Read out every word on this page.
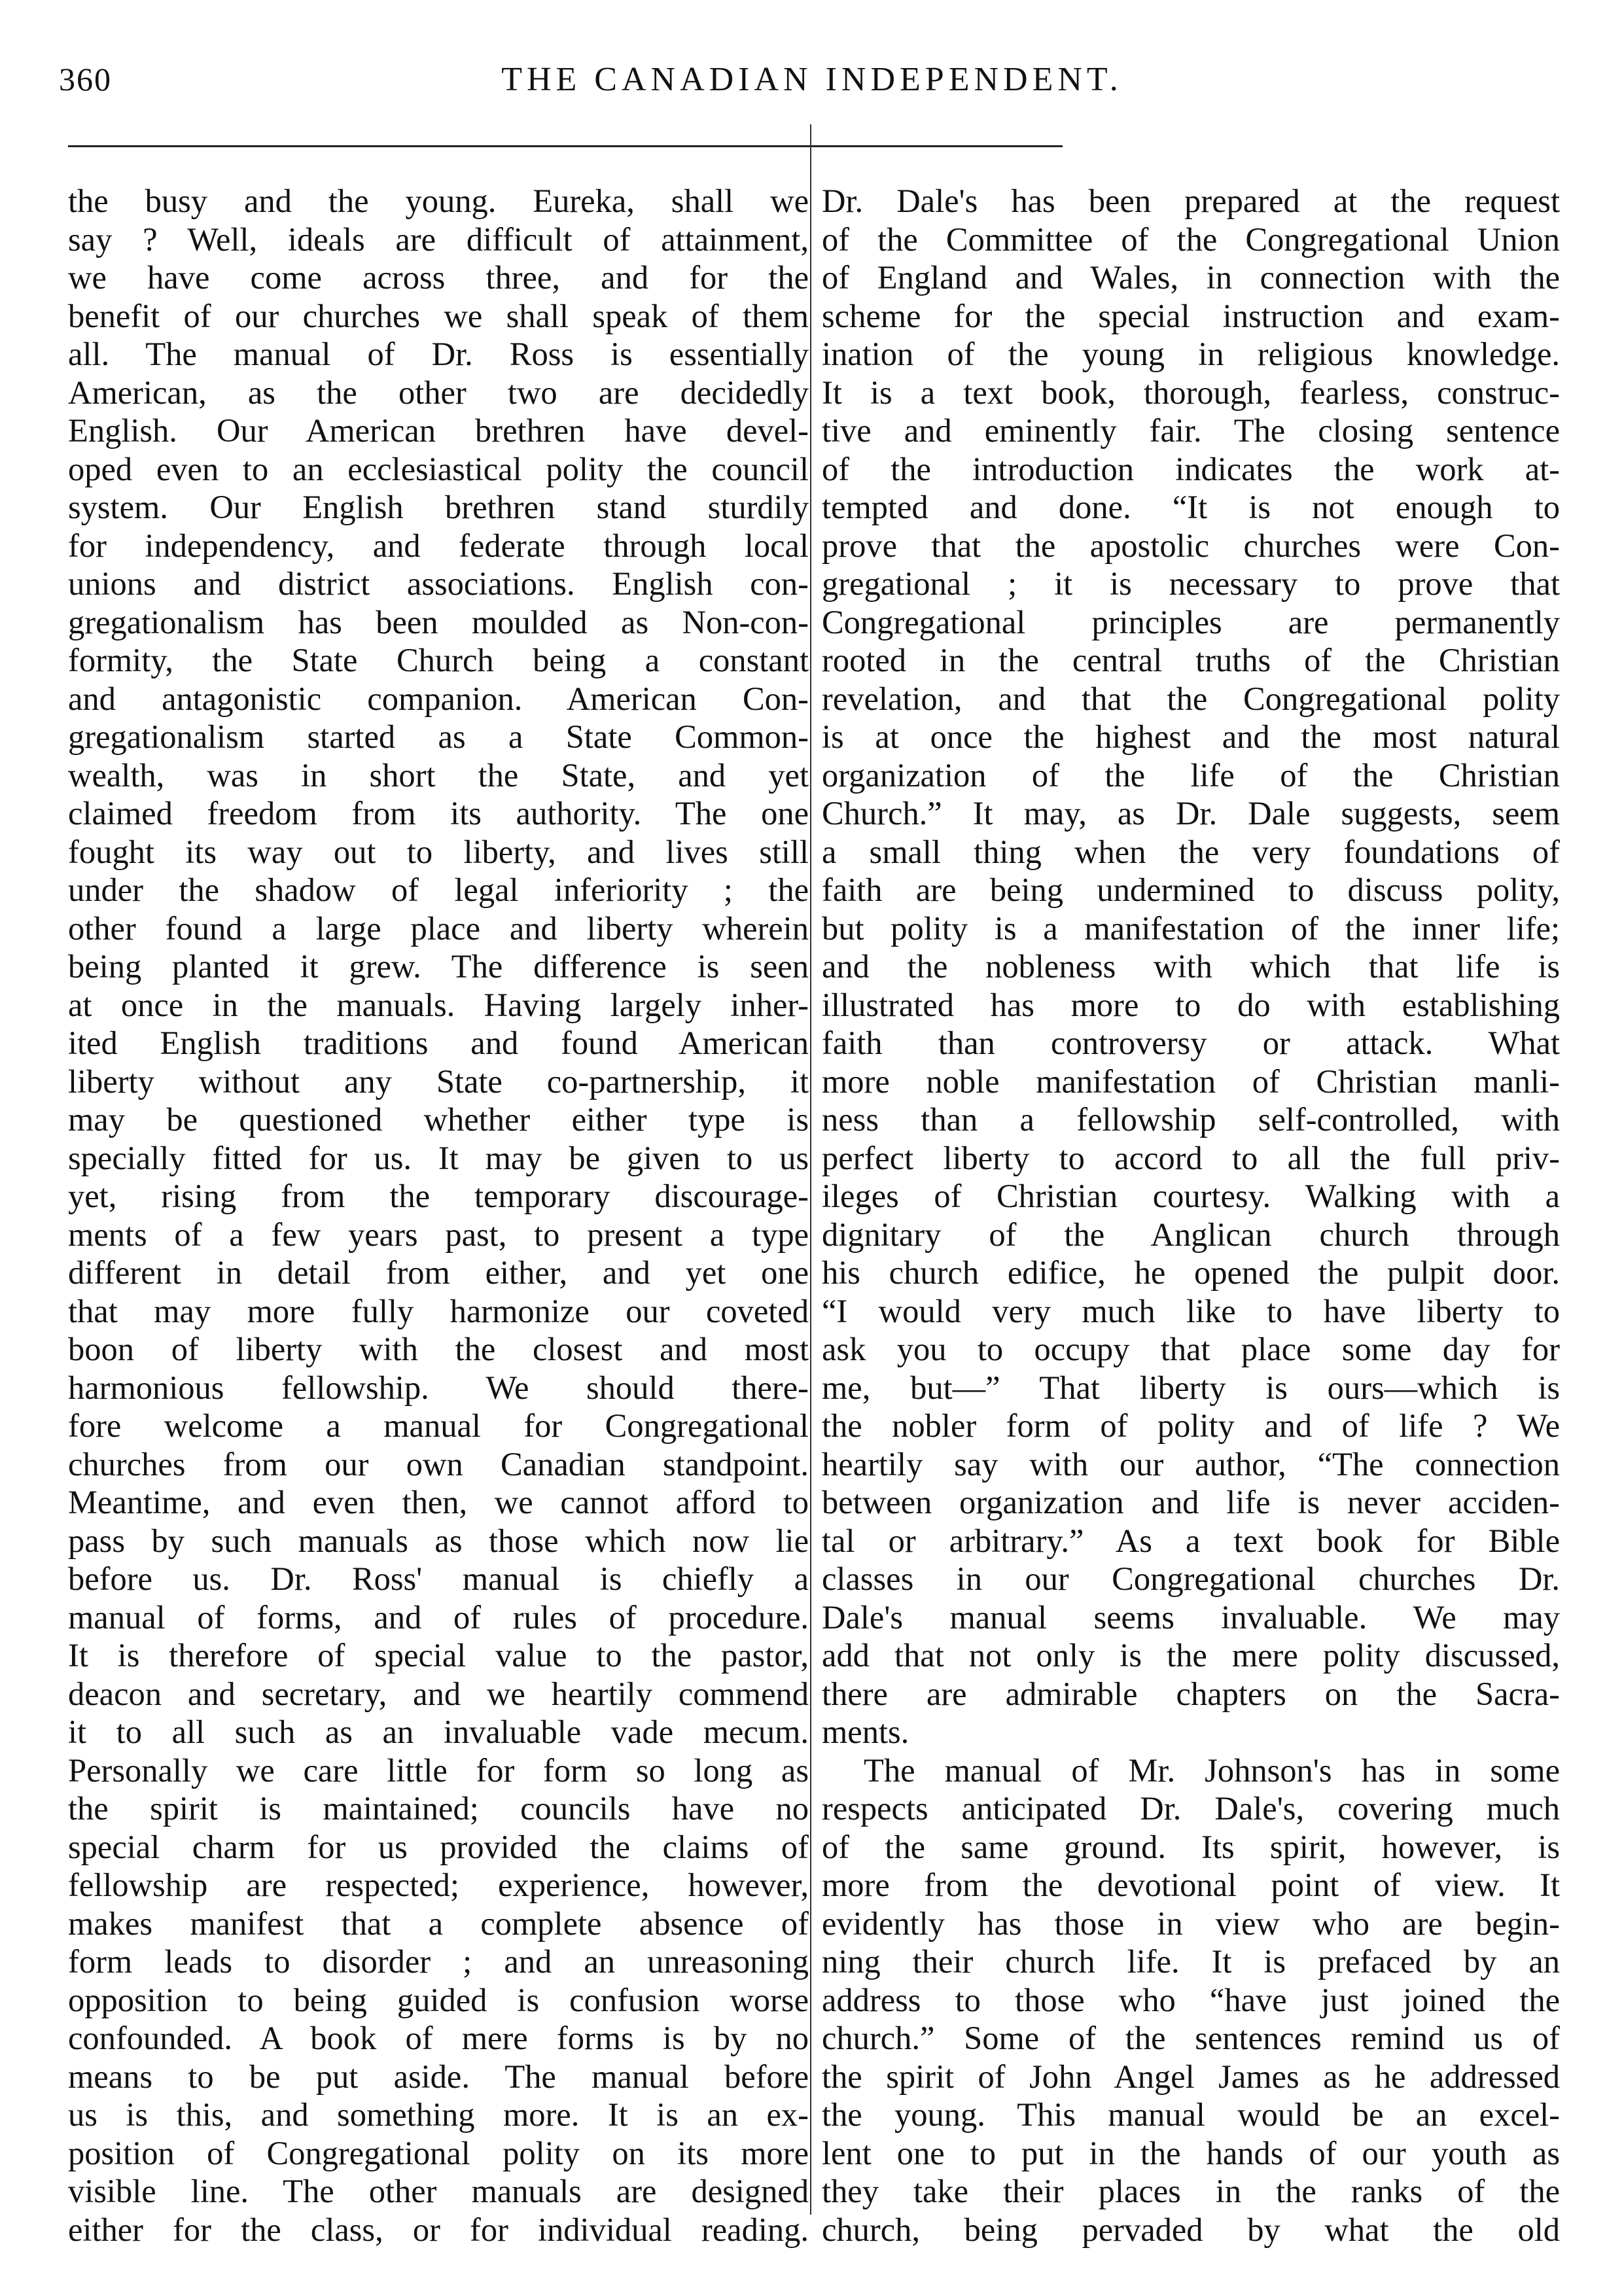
360	THE CANADIAN INDEPENDENT.
the busy and the young. Eureka, shall we
say ? Well, ideals are difficult of attainment,
we have come across three, and for the
benefit of our churches we shall speak of them
all. The manual of Dr. Ross is essentially
American, as the other two are decidedly
English. Our American brethren have devel-
oped even to an ecclesiastical polity the council
system. Our English brethren stand sturdily
for independency, and federate through local
unions and district associations. English con-
gregationalism has been moulded as Non-con-
formity, the State Church being a constant
and antagonistic companion. American Con-
gregationalism started as a State Common-
wealth, was in short the State, and yet
claimed freedom from its authority. The one
fought its way out to liberty, and lives still
under the shadow of legal inferiority ; the
other found a large place and liberty wherein
being planted it grew. The difference is seen
at once in the manuals. Having largely inher-
ited English traditions and found American
liberty without any State co-partnership, it
may be questioned whether either type is
specially fitted for us. It may be given to us
yet, rising from the temporary discourage-
ments of a few years past, to present a type
different in detail from either, and yet one
that may more fully harmonize our coveted
boon of liberty with the closest and most
harmonious fellowship. We should there-
fore welcome a manual for Congregational
churches from our own Canadian standpoint.
Meantime, and even then, we cannot afford to
pass by such manuals as those which now lie
before us. Dr. Ross' manual is chiefly a
manual of forms, and of rules of procedure.
It is therefore of special value to the pastor,
deacon and secretary, and we heartily commend
it to all such as an invaluable vade mecum.
Personally we care little for form so long as
the spirit is maintained; councils have no
special charm for us provided the claims of
fellowship are respected; experience, however,
makes manifest that a complete absence of
form leads to disorder ; and an unreasoning
opposition to being guided is confusion worse
confounded. A book of mere forms is by no
means to be put aside. The manual before
us is this, and something more. It is an ex-
position of Congregational polity on its more
visible line. The other manuals are designed
either for the class, or for individual reading.
Dr. Dale's has been prepared at the request
of the Committee of the Congregational Union
of England and Wales, in connection with the
scheme for the special instruction and exam-
ination of the young in religious knowledge.
It is a text book, thorough, fearless, construc-
tive and eminently fair. The closing sentence
of the introduction indicates the work at-
tempted and done. “It is not enough to
prove that the apostolic churches were Con-
gregational ; it is necessary to prove that
Congregational principles are permanently
rooted in the central truths of the Christian
revelation, and that the Congregational polity
is at once the highest and the most natural
organization of the life of the Christian
Church.” It may, as Dr. Dale suggests, seem
a small thing when the very foundations of
faith are being undermined to discuss polity,
but polity is a manifestation of the inner life;
and the nobleness with which that life is
illustrated has more to do with establishing
faith than controversy or attack. What
more noble manifestation of Christian manli-
ness than a fellowship self-controlled, with
perfect liberty to accord to all the full priv-
ileges of Christian courtesy. Walking with a
dignitary of the Anglican church through
his church edifice, he opened the pulpit door.
“I would very much like to have liberty to
ask you to occupy that place some day for
me, but—” That liberty is ours—which is
the nobler form of polity and of life ? We
heartily say with our author, “The connection
between organization and life is never acciden-
tal or arbitrary.” As a text book for Bible
classes in our Congregational churches Dr.
Dale's manual seems invaluable. We may
add that not only is the mere polity discussed,
there are admirable chapters on the Sacra-
ments.
The manual of Mr. Johnson's has in some
respects anticipated Dr. Dale's, covering much
of the same ground. Its spirit, however, is
more from the devotional point of view. It
evidently has those in view who are begin-
ning their church life. It is prefaced by an
address to those who “have just joined the
church.” Some of the sentences remind us of
the spirit of John Angel James as he addressed
the young. This manual would be an excel-
lent one to put in the hands of our youth as
they take their places in the ranks of the
church, being pervaded by what the old
